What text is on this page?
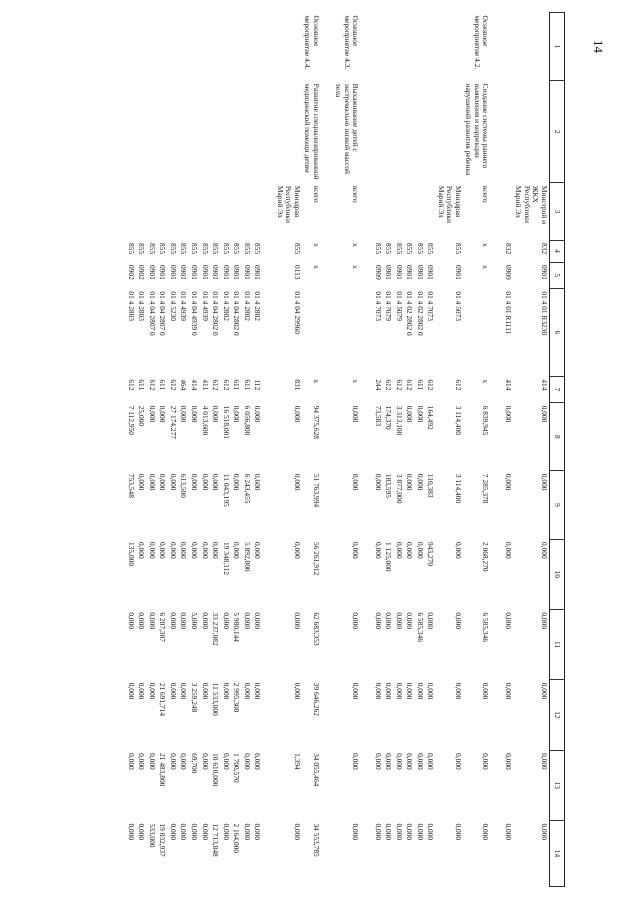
14
1	2	3	4	5	6	7	8	9	10	11	12	13	14
		Минстрой и ЖКХ Республики Марий Эл	832	0901	01 4 01 R3230	414	0,000	0,000	0,000	0,000	0,000	0,000	0,000
			832	0909	01 4 01 R1111	414	0,000	0,000	0,000	0,000	0,000	0,000	0,000

Основное мероприятие 4.2.	Создание системы раннего выявления и коррекции нарушений развития ребенка	всего	х	х		х	6 839,945	7 285,378	2 068,270	6 585,346	0,000	0,000	0,000
		Минздрав Республики Марий Эл	855	0901	01 4 5073	612	3 114,400	3 114,400	0,000	0,000	0,000	0,000	0,000
			855	0901	01 4 7073	612	164,492	110,383	943,270	0,000	0,000	0,000	0,000
			855	0901	01 4 02 2802 0	611	0,000	0,000	0,000	6 585,346	0,000	0,000	0,000
			855	0901	01 4 02 2802 0	612	0,000	0,000	0,000	0,000	0,000	0,000	0,000
			855	0901	01 4 5079	612	3 313,100	3 877,000	0,000	0,000	0,000	0,000	0,000
			855	0901	01 4 7079	612	174,370	183,595	1 125,000	0,000	0,000	0,000	0,000
			855	0909	01 4 7073	244	73,583	0,000	0,000	0,000	0,000	0,000	0,000

Основное мероприятие 4.3.	Выхаживание детей с экстремально низкой массой тела	всего	х	х		х	0,000	0,000	0,000	0,000	0,000	0,000	0,000

Основное мероприятие 4.4.	Развитие специализированной медицинской помощи детям	всего	х	х		х	94 375,628	51 763,994	56 261,912	62 683,353	39 646,262	34 055,464	34 553,785
		Минздрав Республики Марий Эл	855	0113	01 4 04 29960	831	0,000	0,000	0,000	0,000	0,000	1,394	0,000

			855	0901	01 4 2802	112	0,000	0,600	0,000	0,000	0,000	0,000	0,000
			855	0901	01 4 2802	611	6 056,800	6 243,455	5 892,800	0,000	0,000	0,000	0,000
			855	0901	01 4 04 2802 0	611	0,000	0,000	0,000	5 980,144	2 995,300	1 700,570	2 164,000
			855	0901	01 4 2802	612	16 518,001	11 043,195	19 348,112	0,000	0,000	0,000	0,000
			855	0901	01 4 04 2802 0	612	0,000	0,000	0,000	33 237,082	11 533,000	10 610,000	12 713,848
			855	0901	01 4 4939	411	4 013,600	0,000	0,000	0,000	0,000	0,000	0,000
			855	0901	01 4 04 4939 0	414	0,000	0,000	0,000	5,000	3 259,248	69,700	0,000
			855	0901	01 4 4939	464	0,000	613,500	0,000	0,000	0,000	0,000	0,000
			855	0901	01 4 5230	612	27 174,277	0,000	0,000	0,000	0,000	0,000	0,000
			855	0901	01 4 04 2807 0	611	0,000	0,000	0,000	6 207,307	21 691,714	21 483,800	19 032,937
			855	0901	01 4 04 2807 0	612	0,000	0,000	0,000	0,000	0,000	0,000	533,000
			855	0902	01 4 2803	611	25,000	0,000	0,000	0,000	0,000	0,000	0,000
			855	0902	01 4 2803	612	7 112,950	753,548	135,000	0,000	0,000	0,000	0,000
